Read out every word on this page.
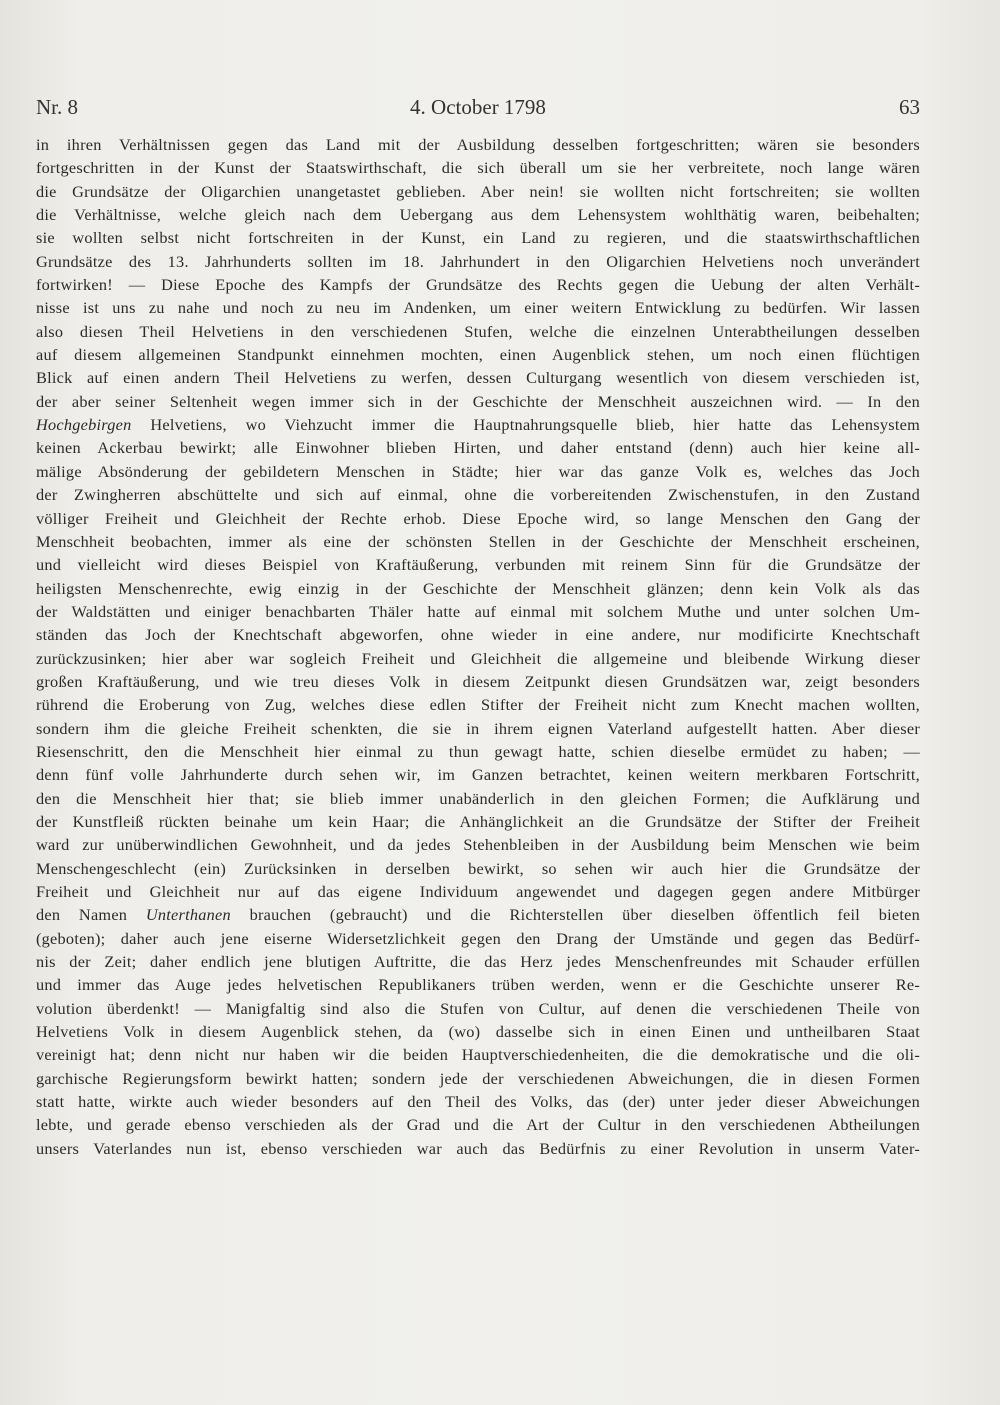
Nr. 8	4. October 1798	63
in ihren Verhältnissen gegen das Land mit der Ausbildung desselben fortgeschritten; wären sie besonders
fortgeschritten in der Kunst der Staatswirthschaft, die sich überall um sie her verbreitete, noch lange wären
die Grundsätze der Oligarchien unangetastet geblieben. Aber nein! sie wollten nicht fortschreiten; sie wollten
die Verhältnisse, welche gleich nach dem Uebergang aus dem Lehensystem wohlthätig waren, beibehalten;
sie wollten selbst nicht fortschreiten in der Kunst, ein Land zu regieren, und die staatswirthschaftlichen
Grundsätze des 13. Jahrhunderts sollten im 18. Jahrhundert in den Oligarchien Helvetiens noch unverändert
fortwirken! — Diese Epoche des Kampfs der Grundsätze des Rechts gegen die Uebung der alten Verhält-
nisse ist uns zu nahe und noch zu neu im Andenken, um einer weitern Entwicklung zu bedürfen. Wir lassen
also diesen Theil Helvetiens in den verschiedenen Stufen, welche die einzelnen Unterabtheilungen desselben
auf diesem allgemeinen Standpunkt einnehmen mochten, einen Augenblick stehen, um noch einen flüchtigen
Blick auf einen andern Theil Helvetiens zu werfen, dessen Culturgang wesentlich von diesem verschieden ist,
der aber seiner Seltenheit wegen immer sich in der Geschichte der Menschheit auszeichnen wird. — In den
Hochgebirgen Helvetiens, wo Viehzucht immer die Hauptnahrungsquelle blieb, hier hatte das Lehensystem
keinen Ackerbau bewirkt; alle Einwohner blieben Hirten, und daher entstand (denn) auch hier keine all-
mälige Absönderung der gebildetern Menschen in Städte; hier war das ganze Volk es, welches das Joch
der Zwingherren abschüttelte und sich auf einmal, ohne die vorbereitenden Zwischenstufen, in den Zustand
völliger Freiheit und Gleichheit der Rechte erhob. Diese Epoche wird, so lange Menschen den Gang der
Menschheit beobachten, immer als eine der schönsten Stellen in der Geschichte der Menschheit erscheinen,
und vielleicht wird dieses Beispiel von Kraftäußerung, verbunden mit reinem Sinn für die Grundsätze der
heiligsten Menschenrechte, ewig einzig in der Geschichte der Menschheit glänzen; denn kein Volk als das
der Waldstätten und einiger benachbarten Thäler hatte auf einmal mit solchem Muthe und unter solchen Um-
ständen das Joch der Knechtschaft abgeworfen, ohne wieder in eine andere, nur modificirte Knechtschaft
zurückzusinken; hier aber war sogleich Freiheit und Gleichheit die allgemeine und bleibende Wirkung dieser
großen Kraftäußerung, und wie treu dieses Volk in diesem Zeitpunkt diesen Grundsätzen war, zeigt besonders
rührend die Eroberung von Zug, welches diese edlen Stifter der Freiheit nicht zum Knecht machen wollten,
sondern ihm die gleiche Freiheit schenkten, die sie in ihrem eignen Vaterland aufgestellt hatten. Aber dieser
Riesenschritt, den die Menschheit hier einmal zu thun gewagt hatte, schien dieselbe ermüdet zu haben; —
denn fünf volle Jahrhunderte durch sehen wir, im Ganzen betrachtet, keinen weitern merkbaren Fortschritt,
den die Menschheit hier that; sie blieb immer unabänderlich in den gleichen Formen; die Aufklärung und
der Kunstfleiß rückten beinahe um kein Haar; die Anhänglichkeit an die Grundsätze der Stifter der Freiheit
ward zur unüberwindlichen Gewohnheit, und da jedes Stehenbleiben in der Ausbildung beim Menschen wie beim
Menschengeschlecht (ein) Zurücksinken in derselben bewirkt, so sehen wir auch hier die Grundsätze der
Freiheit und Gleichheit nur auf das eigene Individuum angewendet und dagegen gegen andere Mitbürger
den Namen Unterthanen brauchen (gebraucht) und die Richterstellen über dieselben öffentlich feil bieten
(geboten); daher auch jene eiserne Widersetzlichkeit gegen den Drang der Umstände und gegen das Bedürf-
nis der Zeit; daher endlich jene blutigen Auftritte, die das Herz jedes Menschenfreundes mit Schauder erfüllen
und immer das Auge jedes helvetischen Republikaners trüben werden, wenn er die Geschichte unserer Re-
volution überdenkt! — Manigfaltig sind also die Stufen von Cultur, auf denen die verschiedenen Theile von
Helvetiens Volk in diesem Augenblick stehen, da (wo) dasselbe sich in einen Einen und untheilbaren Staat
vereinigt hat; denn nicht nur haben wir die beiden Hauptverschiedenheiten, die die demokratische und die oli-
garchische Regierungsform bewirkt hatten; sondern jede der verschiedenen Abweichungen, die in diesen Formen
statt hatte, wirkte auch wieder besonders auf den Theil des Volks, das (der) unter jeder dieser Abweichungen
lebte, und gerade ebenso verschieden als der Grad und die Art der Cultur in den verschiedenen Abtheilungen
unsers Vaterlandes nun ist, ebenso verschieden war auch das Bedürfnis zu einer Revolution in unserm Vater-
